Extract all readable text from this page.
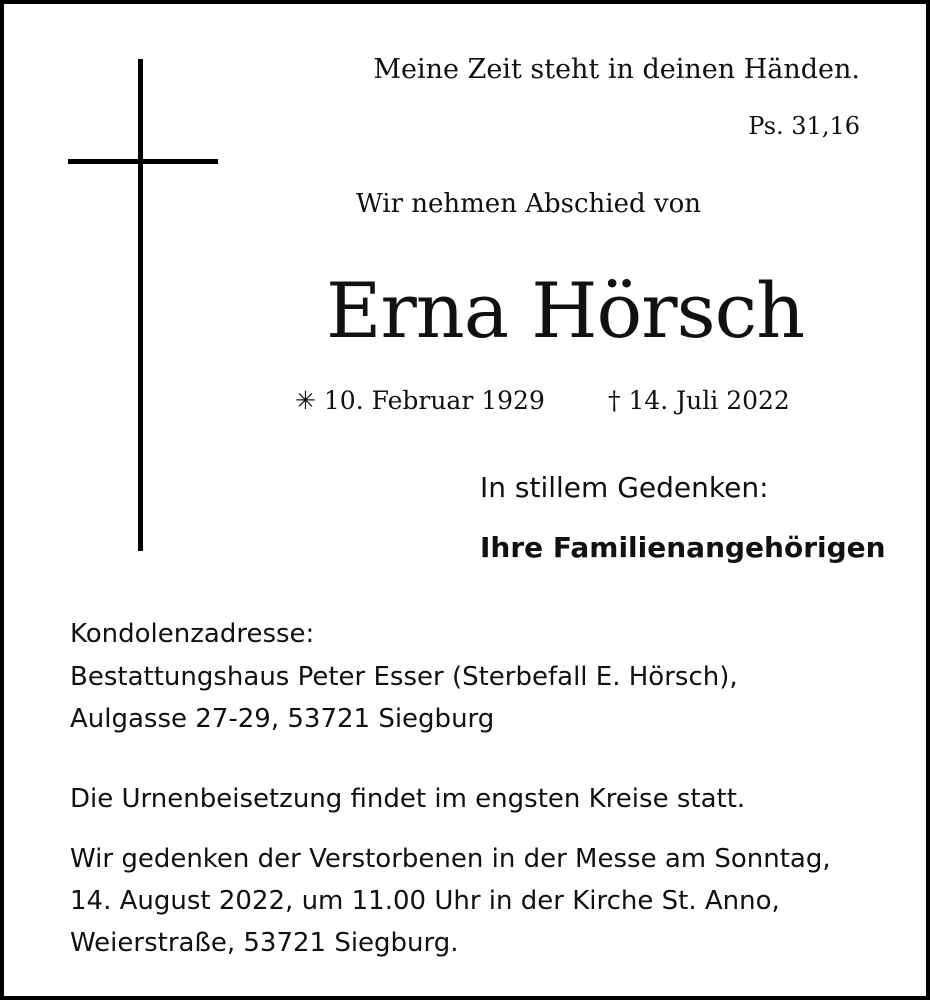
Meine Zeit steht in deinen Händen.
Ps. 31,16
Wir nehmen Abschied von
Erna Hörsch
✳ 10. Februar 1929	† 14. Juli 2022
In stillem Gedenken:
Ihre Familienangehörigen
Kondolenzadresse:
Bestattungshaus Peter Esser (Sterbefall E. Hörsch),
Aulgasse 27-29, 53721 Siegburg
Die Urnenbeisetzung findet im engsten Kreise statt.
Wir gedenken der Verstorbenen in der Messe am Sonntag,
14. August 2022, um 11.00 Uhr in der Kirche St. Anno,
Weierstraße, 53721 Siegburg.
